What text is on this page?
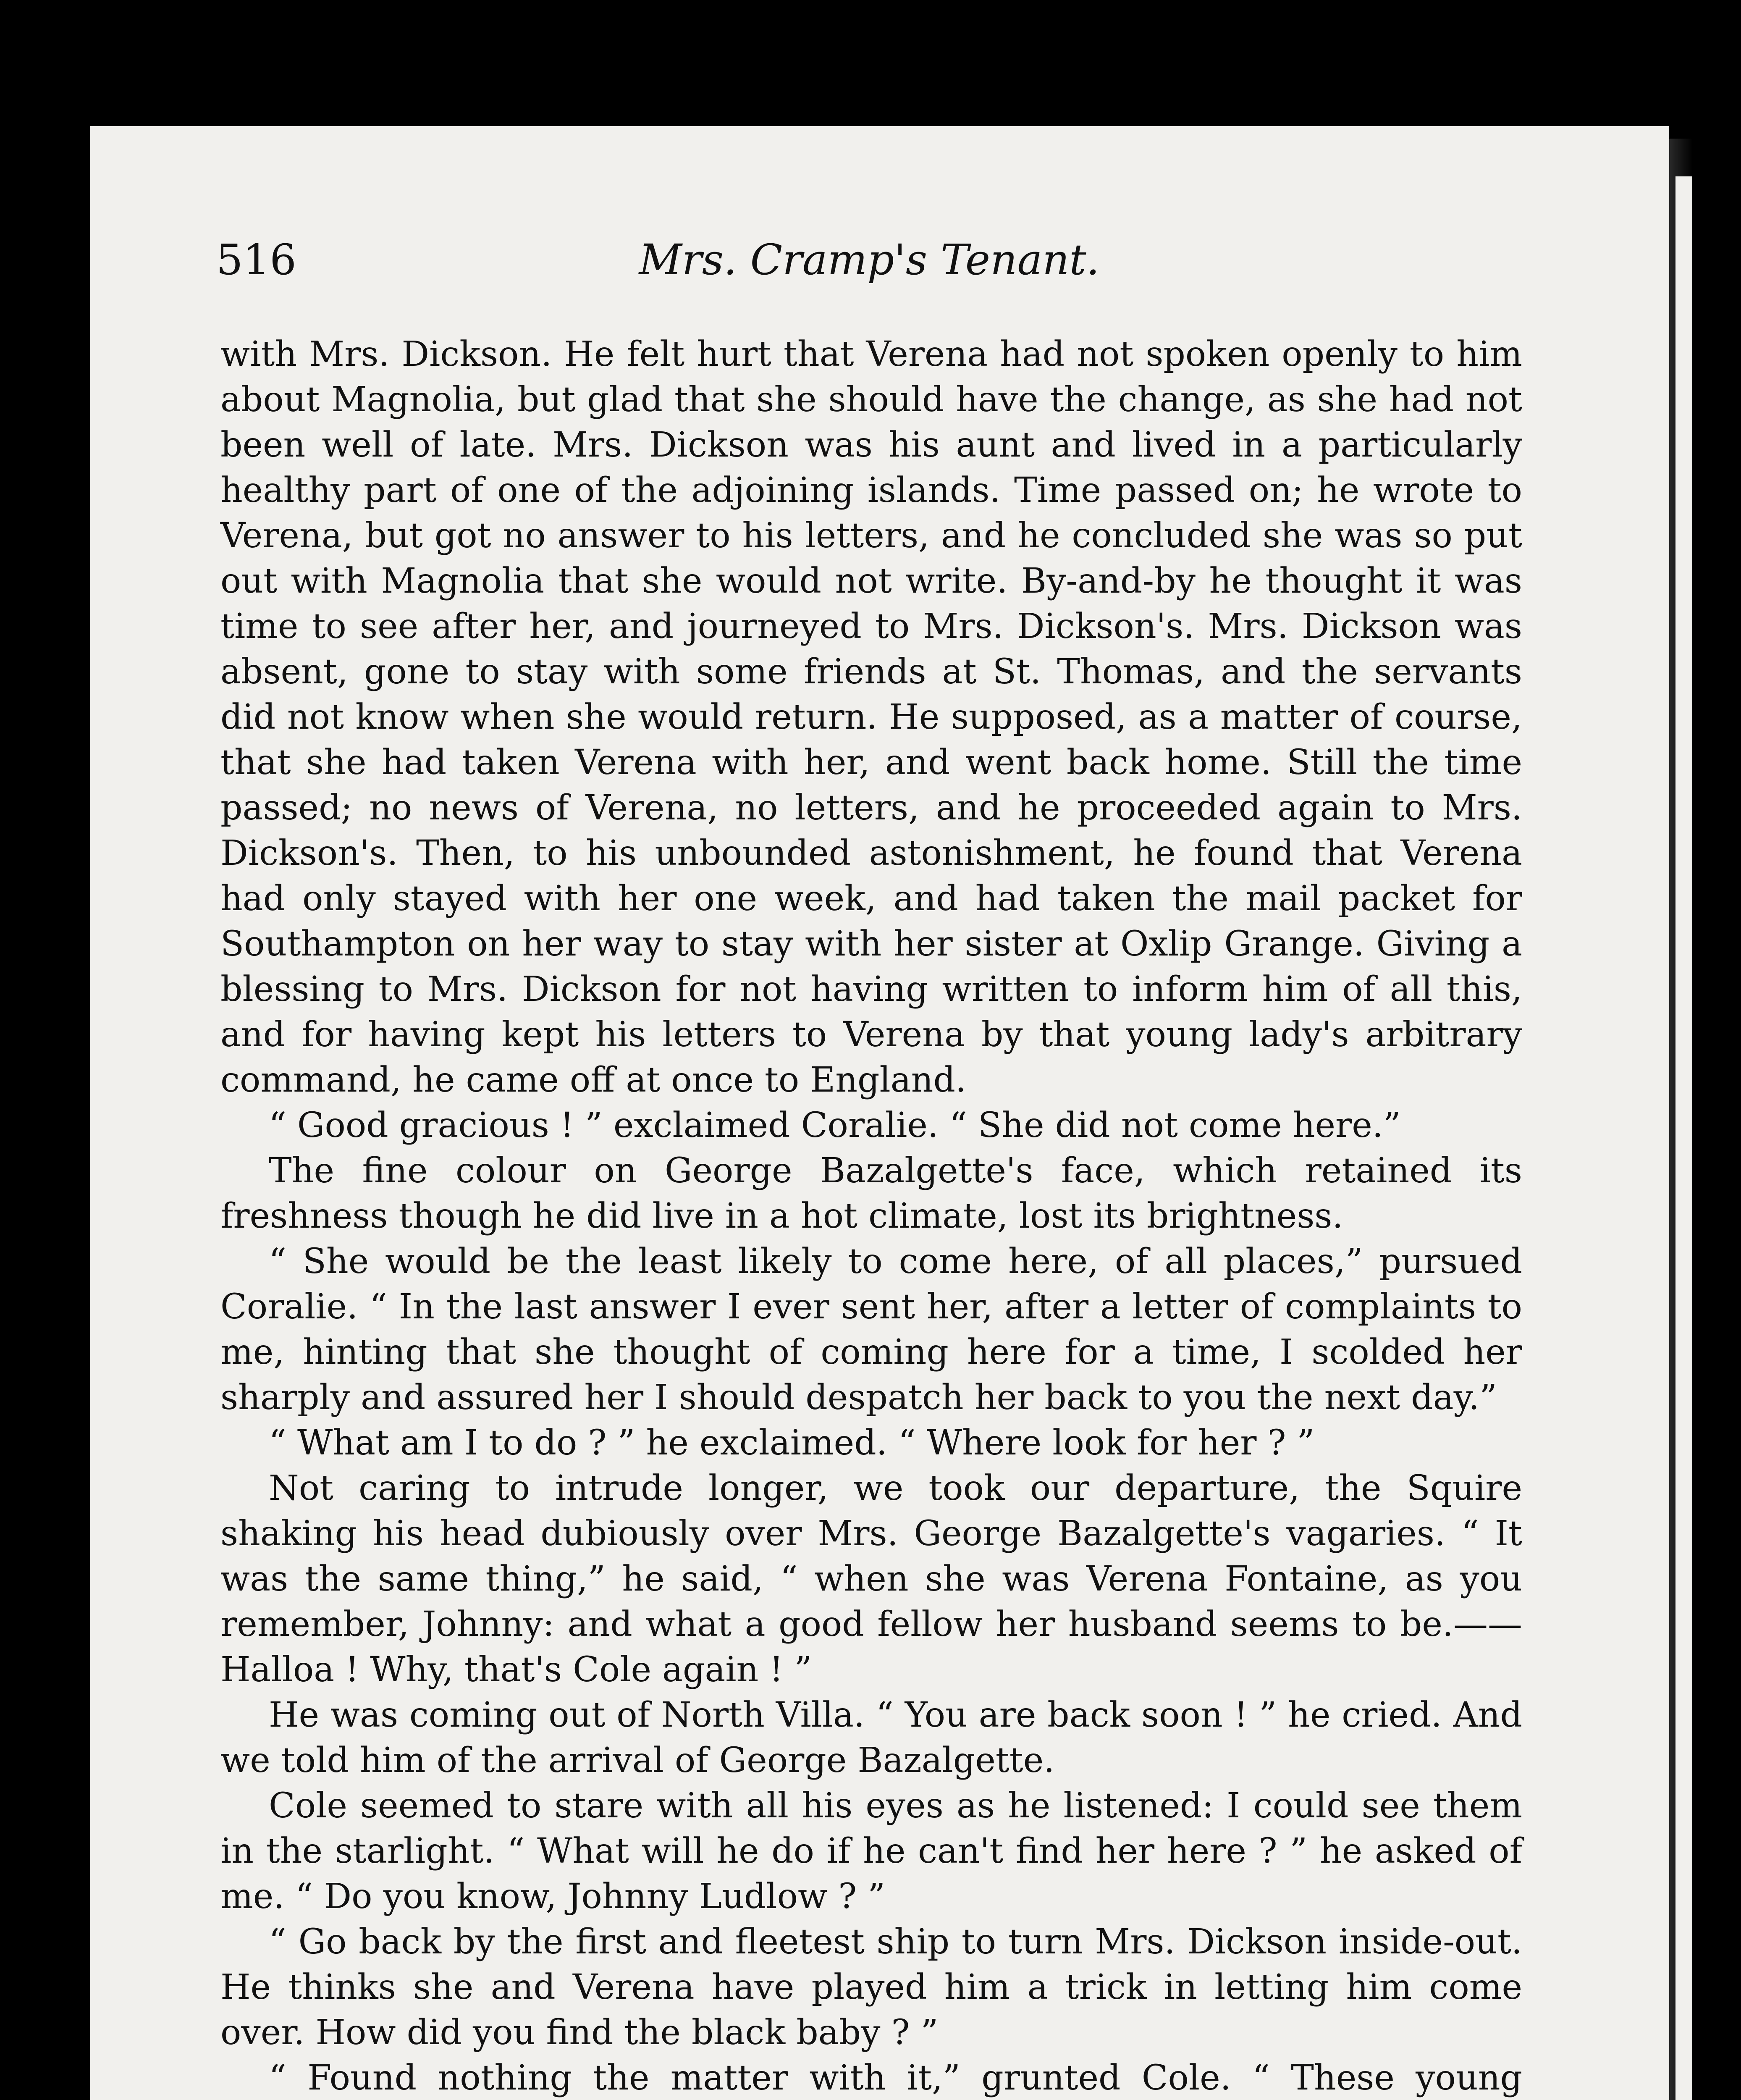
516	Mrs. Cramp's Tenant.

with Mrs. Dickson. He felt hurt that Verena had not spoken openly to him about Magnolia, but glad that she should have the change, as she had not been well of late. Mrs. Dickson was his aunt and lived in a particularly healthy part of one of the adjoining islands. Time passed on; he wrote to Verena, but got no answer to his letters, and he concluded she was so put out with Magnolia that she would not write. By-and-by he thought it was time to see after her, and journeyed to Mrs. Dickson's. Mrs. Dickson was absent, gone to stay with some friends at St. Thomas, and the servants did not know when she would return. He supposed, as a matter of course, that she had taken Verena with her, and went back home. Still the time passed; no news of Verena, no letters, and he proceeded again to Mrs. Dickson's. Then, to his unbounded astonishment, he found that Verena had only stayed with her one week, and had taken the mail packet for Southampton on her way to stay with her sister at Oxlip Grange. Giving a blessing to Mrs. Dickson for not having written to inform him of all this, and for having kept his letters to Verena by that young lady's arbitrary command, he came off at once to England.

“ Good gracious ! ” exclaimed Coralie. “ She did not come here.”

The fine colour on George Bazalgette's face, which retained its freshness though he did live in a hot climate, lost its brightness.

“ She would be the least likely to come here, of all places,” pursued Coralie. “ In the last answer I ever sent her, after a letter of complaints to me, hinting that she thought of coming here for a time, I scolded her sharply and assured her I should despatch her back to you the next day.”

“ What am I to do ? ” he exclaimed. “ Where look for her ? ”

Not caring to intrude longer, we took our departure, the Squire shaking his head dubiously over Mrs. George Bazalgette's vagaries. “ It was the same thing,” he said, “ when she was Verena Fontaine, as you remember, Johnny: and what a good fellow her husband seems to be.——Halloa ! Why, that's Cole again ! ”

He was coming out of North Villa. “ You are back soon ! ” he cried. And we told him of the arrival of George Bazalgette.

Cole seemed to stare with all his eyes as he listened: I could see them in the starlight. “ What will he do if he can't find her here ? ” he asked of me. “ Do you know, Johnny Ludlow ? ”

“ Go back by the first and fleetest ship to turn Mrs. Dickson inside-out. He thinks she and Verena have played him a trick in letting him come over. How did you find the black baby ? ”

“ Found nothing the matter with it,” grunted Cole. “ These young
